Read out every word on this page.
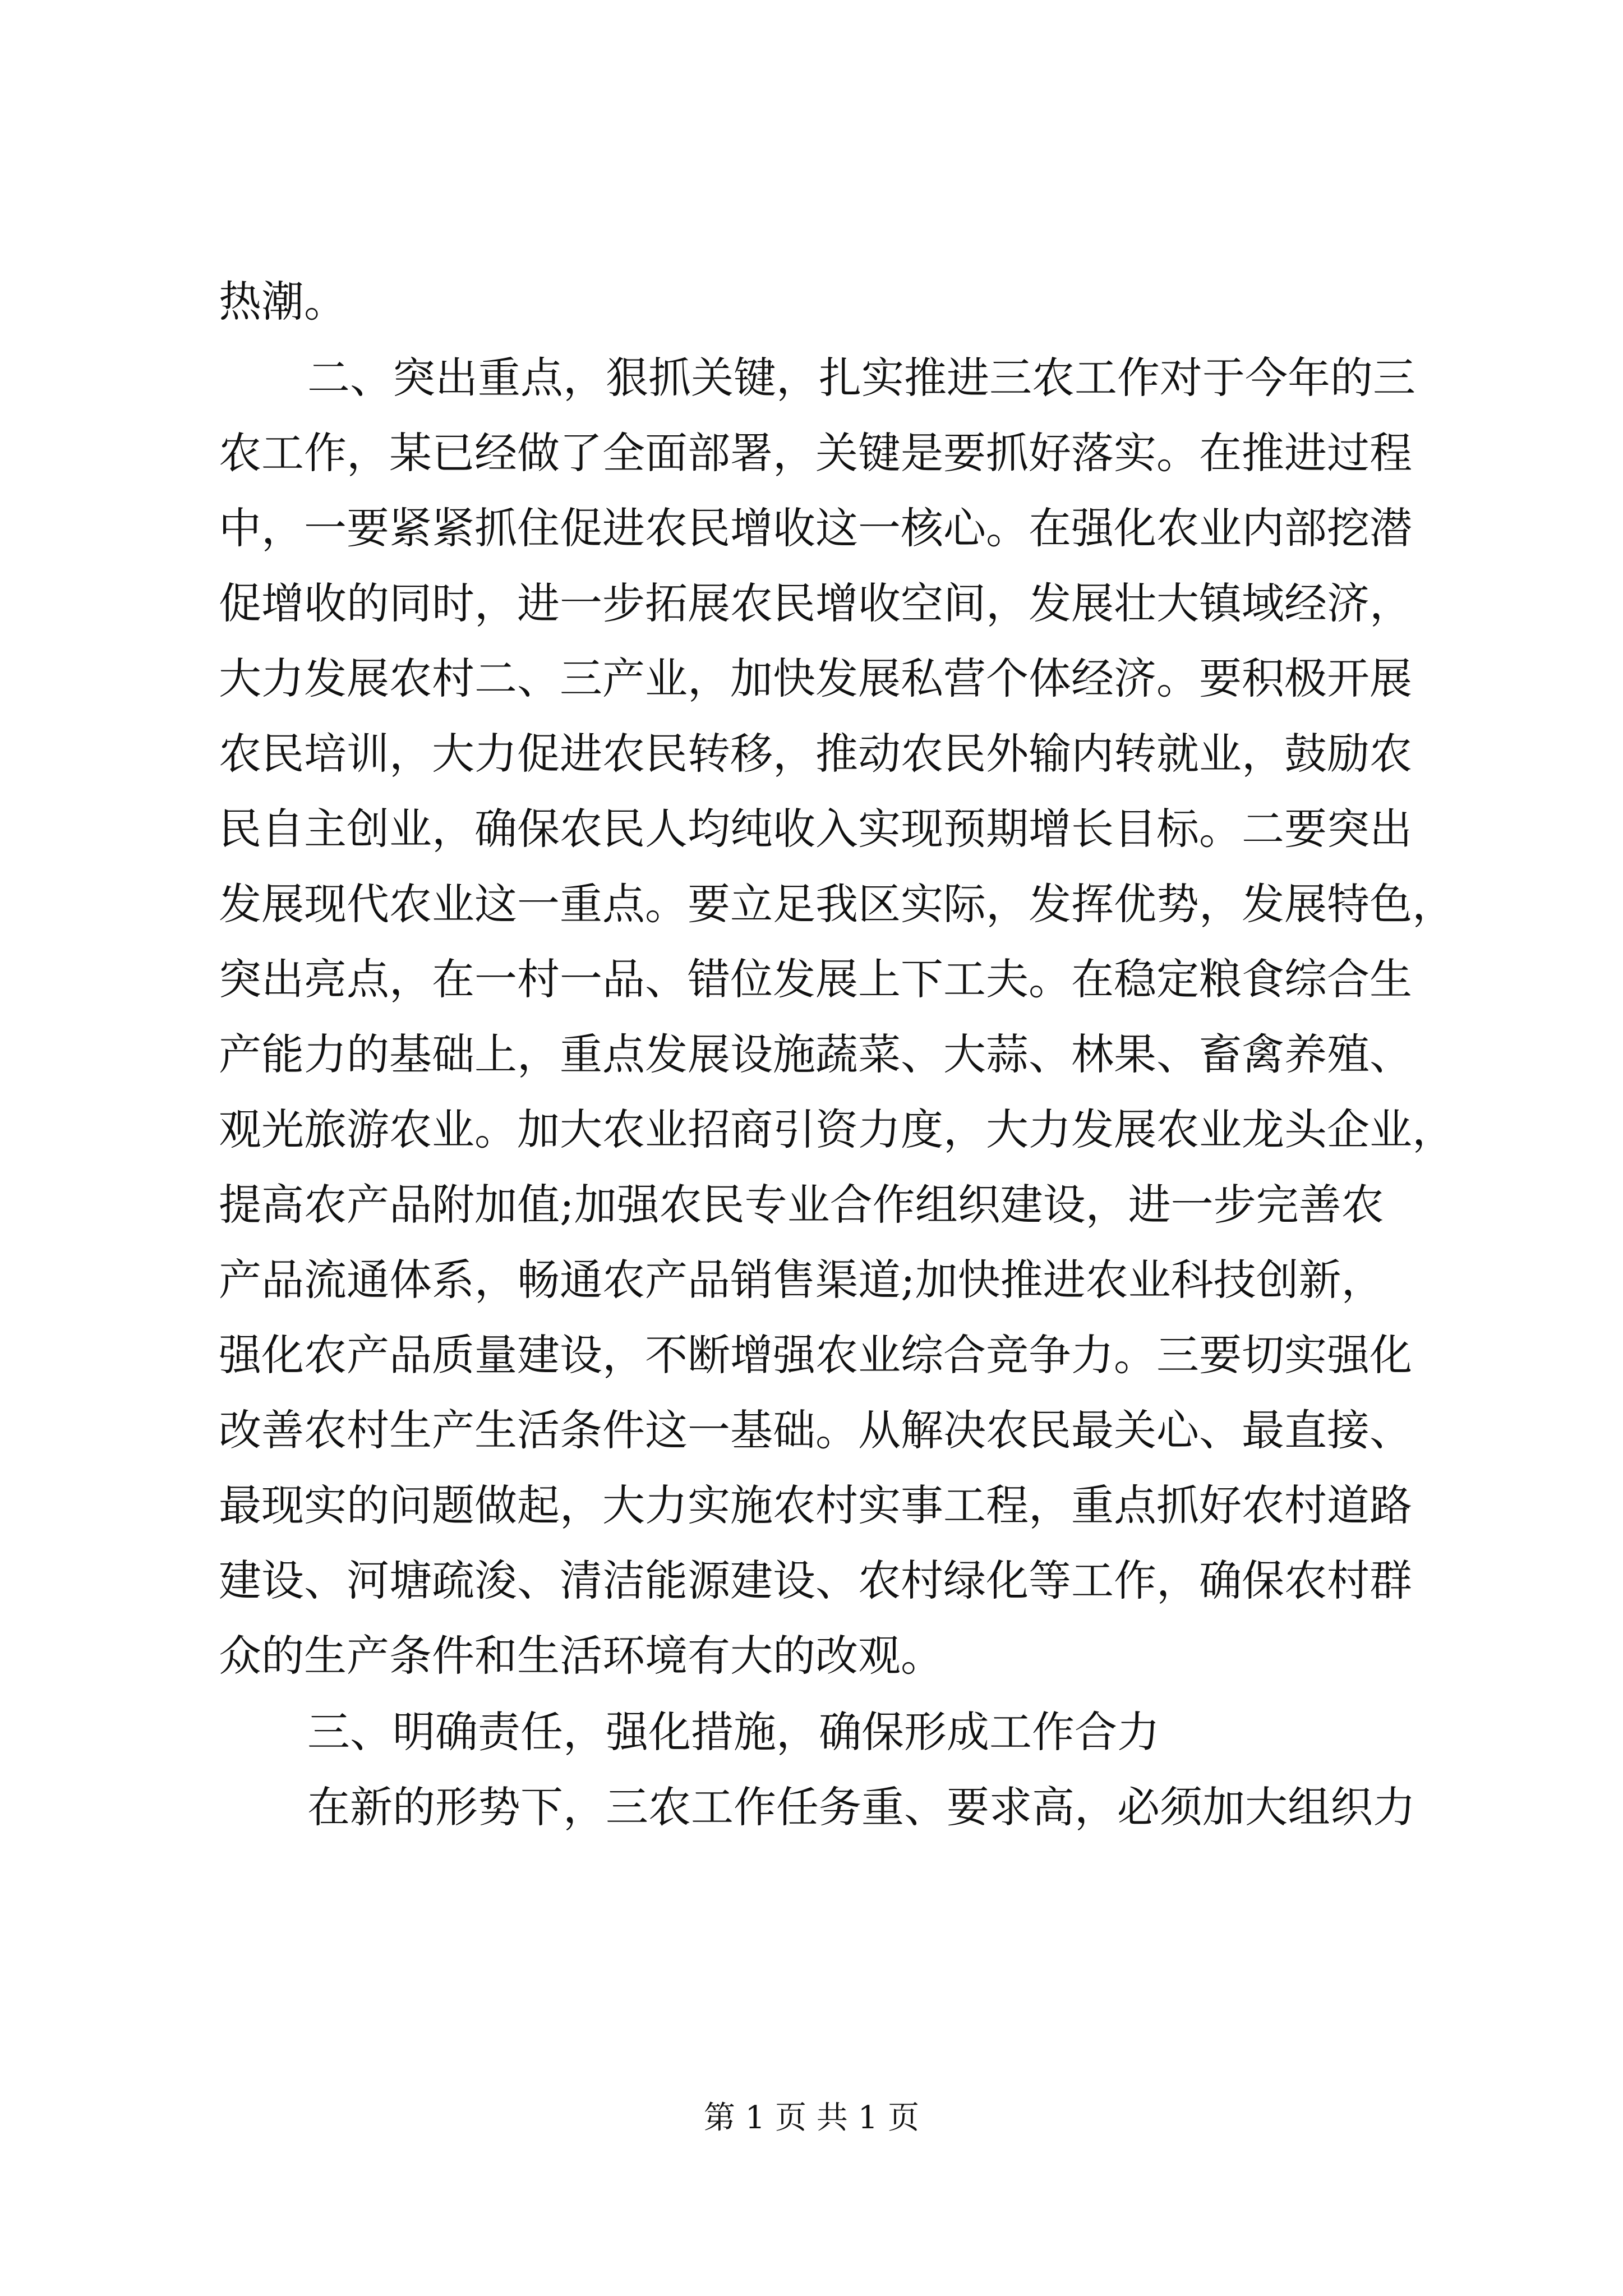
热潮。
二、突出重点，狠抓关键，扎实推进三农工作对于今年的三
农工作，某已经做了全面部署，关键是要抓好落实。在推进过程
中，一要紧紧抓住促进农民增收这一核心。在强化农业内部挖潜
促增收的同时，进一步拓展农民增收空间，发展壮大镇域经济，
大力发展农村二、三产业，加快发展私营个体经济。要积极开展
农民培训，大力促进农民转移，推动农民外输内转就业，鼓励农
民自主创业，确保农民人均纯收入实现预期增长目标。二要突出
发展现代农业这一重点。要立足我区实际，发挥优势，发展特色，
突出亮点，在一村一品、错位发展上下工夫。在稳定粮食综合生
产能力的基础上，重点发展设施蔬菜、大蒜、林果、畜禽养殖、
观光旅游农业。加大农业招商引资力度，大力发展农业龙头企业，
提高农产品附加值;加强农民专业合作组织建设，进一步完善农
产品流通体系，畅通农产品销售渠道;加快推进农业科技创新，
强化农产品质量建设，不断增强农业综合竞争力。三要切实强化
改善农村生产生活条件这一基础。从解决农民最关心、最直接、
最现实的问题做起，大力实施农村实事工程，重点抓好农村道路
建设、河塘疏浚、清洁能源建设、农村绿化等工作，确保农村群
众的生产条件和生活环境有大的改观。
三、明确责任，强化措施，确保形成工作合力
在新的形势下，三农工作任务重、要求高，必须加大组织力
第 1 页 共 1 页
